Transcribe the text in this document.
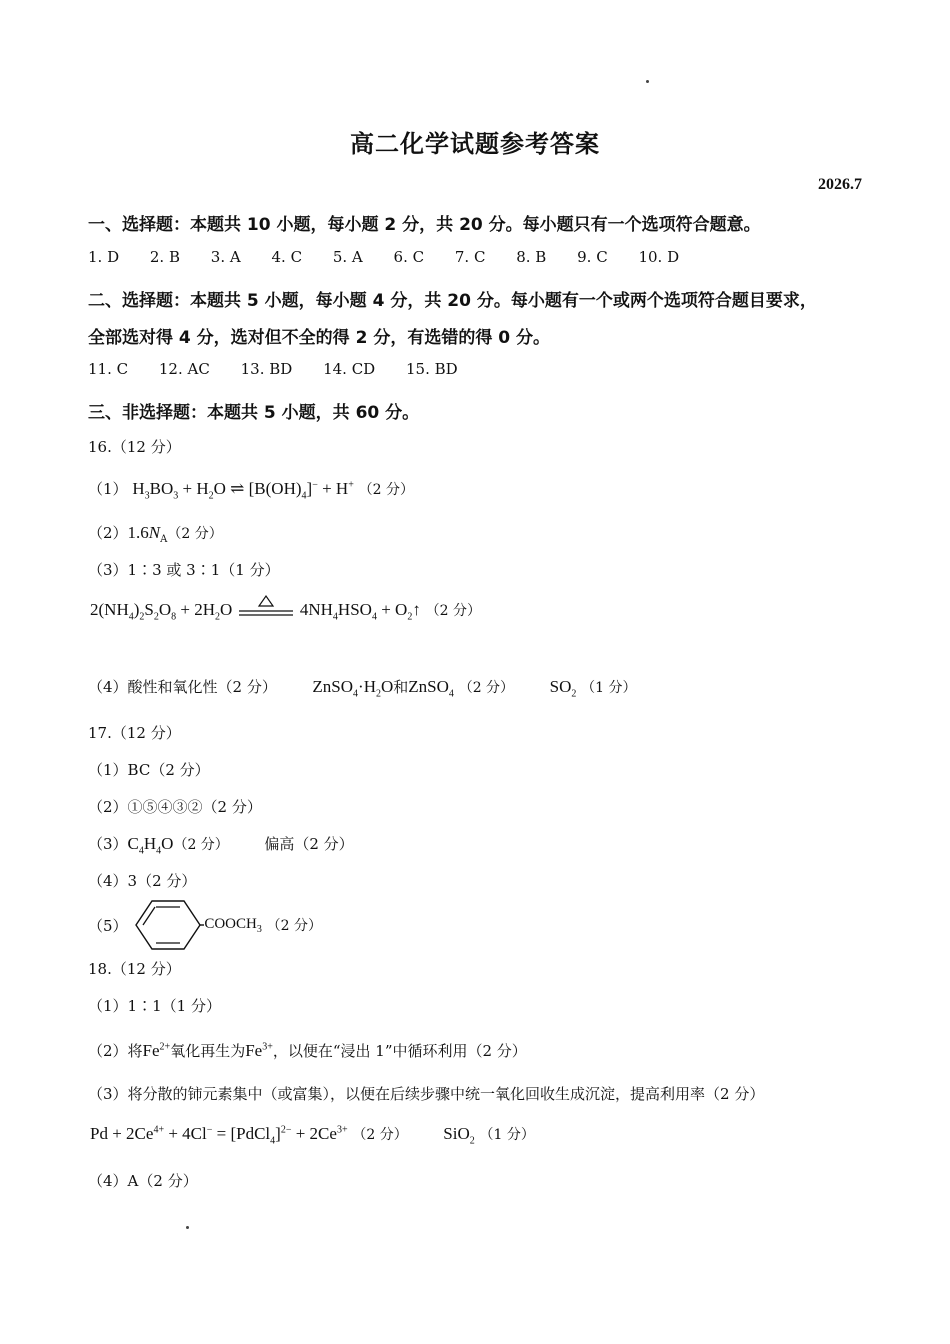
高二化学试题参考答案
2026.7
一、选择题：本题共 10 小题，每小题 2 分，共 20 分。每小题只有一个选项符合题意。
1. D 2. B 3. A 4. C 5. A 6. C 7. C 8. B 9. C 10. D
二、选择题：本题共 5 小题，每小题 4 分，共 20 分。每小题有一个或两个选项符合题目要求，
全部选对得 4 分，选对但不全的得 2 分，有选错的得 0 分。
11. C 12. AC 13. BD 14. CD 15. BD
三、非选择题：本题共 5 小题，共 60 分。
16.（12 分）
（1） $H_3BO_3 + H_2O$ ⇌ $[B(OH)_4]^- + H^+$ （2 分）
$(2)1.6N_A(2$ 分）
（3）1∶3 或 3∶1（1 分）
$2(NH_4)_2S_2O_8 + 2H_2O$	$4NH_4HSO_4$ + $O_2↑$ （2 分）
（4）酸性和氧化性（2 分） $ZnSO_4\cdot H_2O$和ZnSO$_4$ （2 分） $SO_2$ （1 分）
17.（12 分）
（1）BC（2 分）
（2）①⑤④③②（2 分）
$(3)C_4H_4O(2$ 分） 偏高（2 分）
（4）3（2 分）
（5）	$COOCH_3$ （2 分）
18.（12 分）
（1）1∶1（1 分）
（2）将$Fe^{2+}$氧化再生为$Fe^{3+}$，以便在“浸出 1”中循环利用（2 分）
（3）将分散的铈元素集中（或富集），以便在后续步骤中统一氧化回收生成沉淀，提高利用率（2 分）
$Pd + 2Ce^{4+} + 4Cl^-$ = [PdCl$_4$]$^{2-}$ + $2Ce^{3+}$ （2 分） SiO$_2$ （1 分）
（4）A（2 分）
